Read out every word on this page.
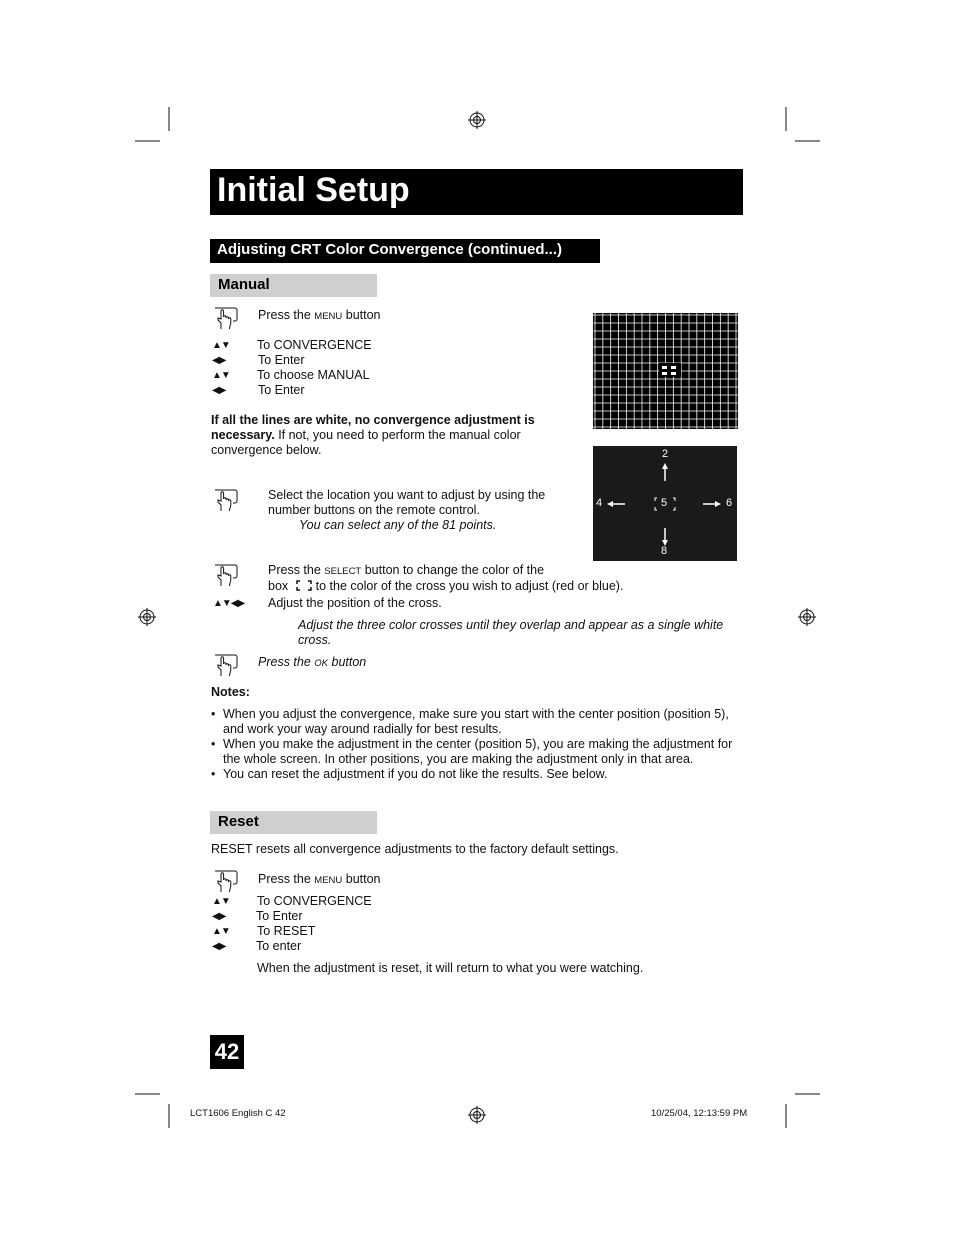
Initial Setup
Adjusting CRT Color Convergence (continued...)
Manual
Press the MENU button
▲▼ To CONVERGENCE
◀▶	To Enter
▲▼ To choose MANUAL
◀▶	To Enter
If all the lines are white, no convergence adjustment is
necessary. If not, you need to perform the manual color
convergence below.	2
4	5	6
8
Select the location you want to adjust by using the
number buttons on the remote control.
You can select any of the 81 points.
Press the SELECT button to change the color of the
box to the color of the cross you wish to adjust (red or blue).
▲▼◀▶ Adjust the position of the cross.
Adjust the three color crosses until they overlap and appear as a single white
cross.
Press the OK button
Notes:
• When you adjust the convergence, make sure you start with the center position (position 5),
and work your way around radially for best results.
• When you make the adjustment in the center (position 5), you are making the adjustment for
the whole screen. In other positions, you are making the adjustment only in that area.
• You can reset the adjustment if you do not like the results. See below.
Reset
RESET resets all convergence adjustments to the factory default settings.
Press the MENU button
▲▼ To CONVERGENCE
◀▶ To Enter
▲▼ To RESET
◀▶ To enter
When the adjustment is reset, it will return to what you were watching.
42
LCT1606 English C 42	10/25/04, 12:13:59 PM
